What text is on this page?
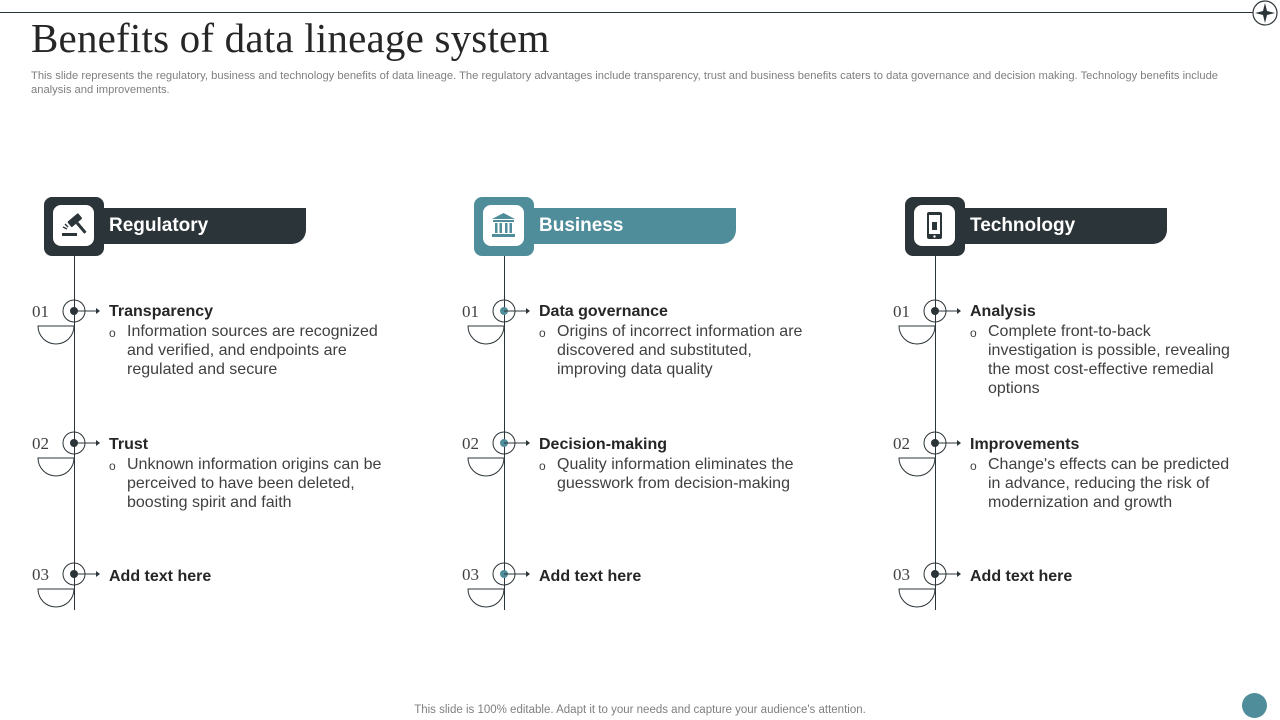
Benefits of data lineage system
This slide represents the regulatory, business and technology benefits of data lineage. The regulatory advantages include transparency, trust and business benefits caters to data governance and decision making. Technology benefits include analysis and improvements.
Regulatory
01	Transparency
o Information sources are recognized and verified, and endpoints are regulated and secure
02	Trust
o Unknown information origins can be perceived to have been deleted, boosting spirit and faith
03	Add text here
Business
01	Data governance
o Origins of incorrect information are discovered and substituted, improving data quality
02	Decision-making
o Quality information eliminates the guesswork from decision-making
03	Add text here
Technology
01	Analysis
o Complete front-to-back investigation is possible, revealing the most cost-effective remedial options
02	Improvements
o Change's effects can be predicted in advance, reducing the risk of modernization and growth
03	Add text here
This slide is 100% editable. Adapt it to your needs and capture your audience's attention.
